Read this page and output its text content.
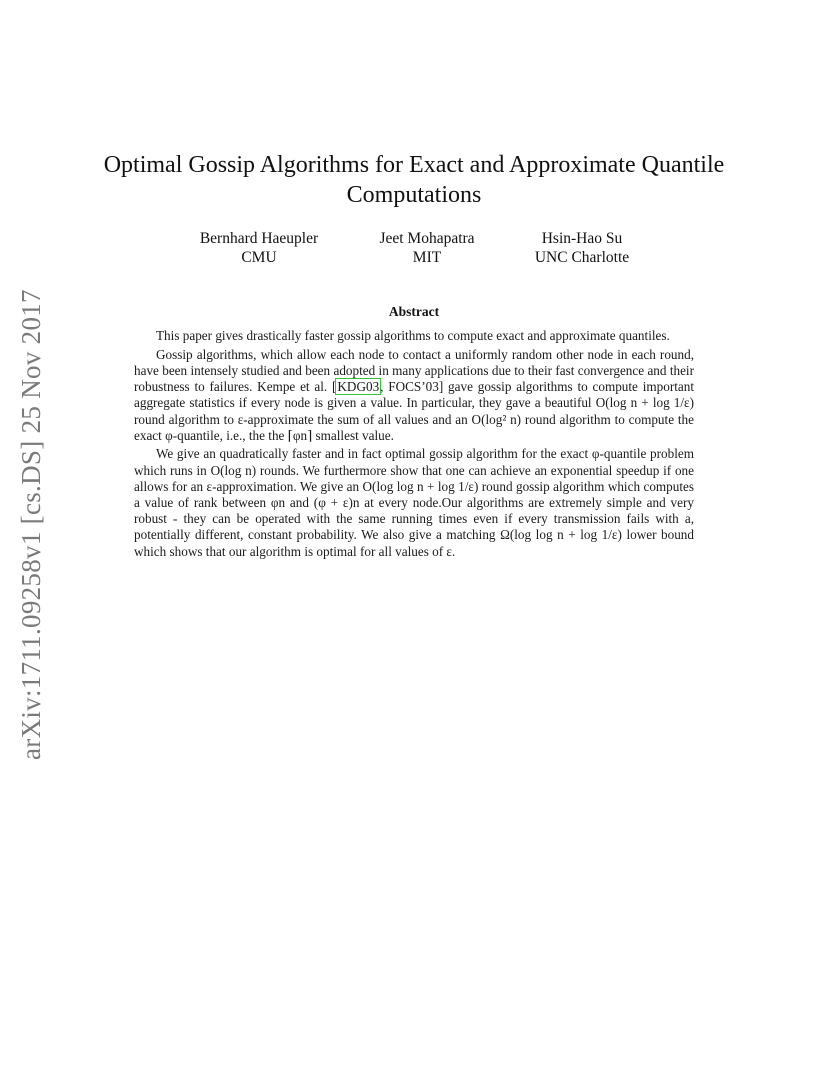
arXiv:1711.09258v1 [cs.DS] 25 Nov 2017
Optimal Gossip Algorithms for Exact and Approximate Quantile
Computations
Bernhard Haeupler
CMU
Jeet Mohapatra
MIT
Hsin-Hao Su
UNC Charlotte
Abstract

This paper gives drastically faster gossip algorithms to compute exact and approximate quantiles.

Gossip algorithms, which allow each node to contact a uniformly random other node in each round, have been intensely studied and been adopted in many applications due to their fast convergence and their robustness to failures. Kempe et al. [KDG03, FOCS’03] gave gossip algorithms to compute important aggregate statistics if every node is given a value. In particular, they gave a beautiful O(log n + log 1/ε) round algorithm to ε-approximate the sum of all values and an O(log² n) round algorithm to compute the exact φ-quantile, i.e., the the ⌈φn⌉ smallest value.

We give an quadratically faster and in fact optimal gossip algorithm for the exact φ-quantile problem which runs in O(log n) rounds. We furthermore show that one can achieve an exponential speedup if one allows for an ε-approximation. We give an O(log log n + log 1/ε) round gossip algorithm which computes a value of rank between φn and (φ + ε)n at every node.Our algorithms are extremely simple and very robust - they can be operated with the same running times even if every transmission fails with a, potentially different, constant probability. We also give a matching Ω(log log n + log 1/ε) lower bound which shows that our algorithm is optimal for all values of ε.
